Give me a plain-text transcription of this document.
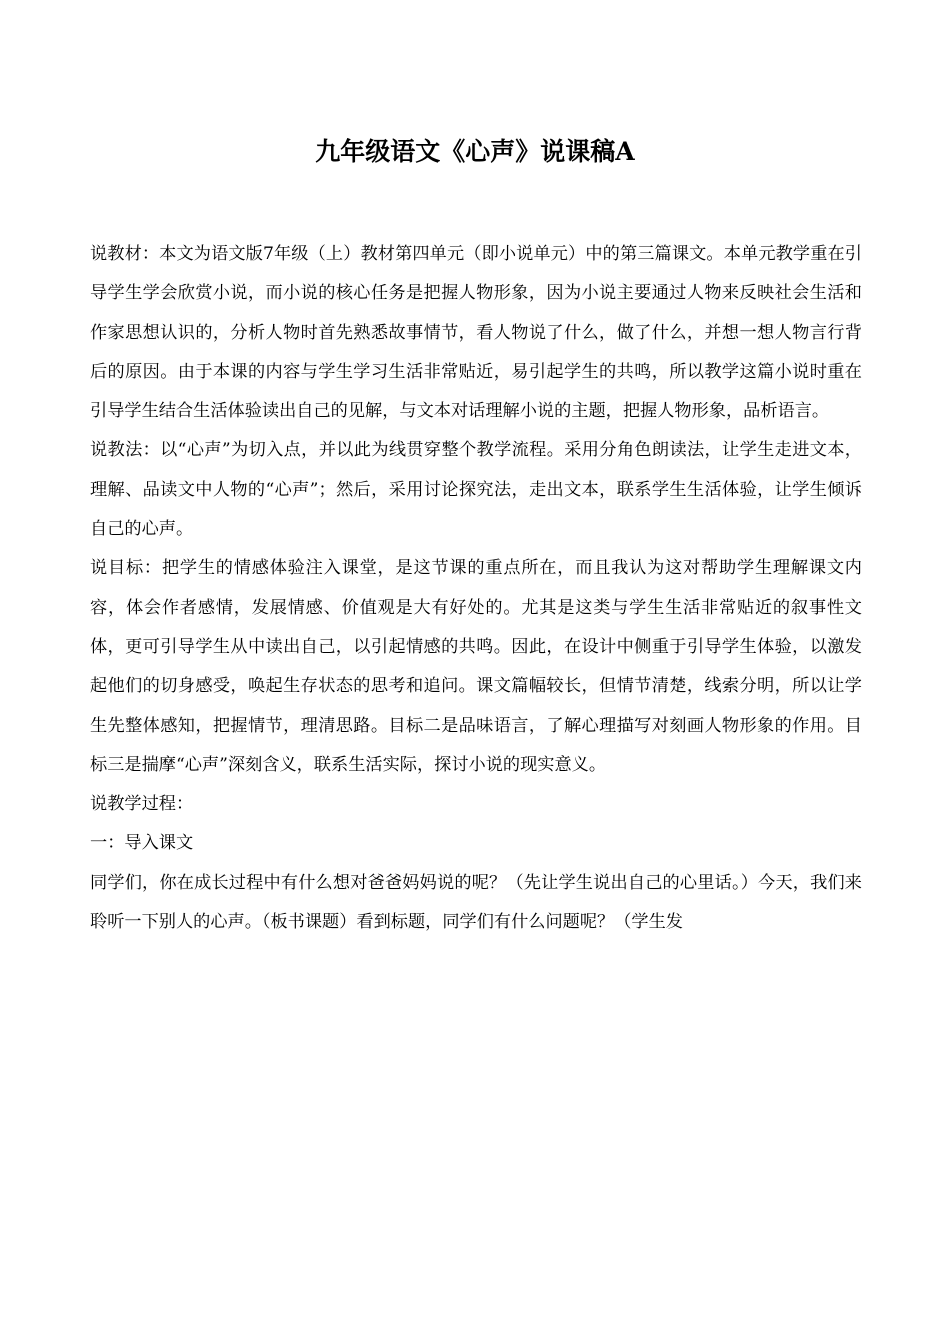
九年级语文《心声》说课稿A

说教材：本文为语文版7年级（上）教材第四单元（即小说单元）中的第三篇课文。本单元教学重在引导学生学会欣赏小说，而小说的核心任务是把握人物形象，因为小说主要通过人物来反映社会生活和作家思想认识的，分析人物时首先熟悉故事情节，看人物说了什么，做了什么，并想一想人物言行背后的原因。由于本课的内容与学生学习生活非常贴近，易引起学生的共鸣，所以教学这篇小说时重在引导学生结合生活体验读出自己的见解，与文本对话理解小说的主题，把握人物形象，品析语言。

说教法：以“心声”为切入点，并以此为线贯穿整个教学流程。采用分角色朗读法，让学生走进文本，理解、品读文中人物的“心声”；然后，采用讨论探究法，走出文本，联系学生生活体验，让学生倾诉自己的心声。

说目标：把学生的情感体验注入课堂，是这节课的重点所在，而且我认为这对帮助学生理解课文内容，体会作者感情，发展情感、价值观是大有好处的。尤其是这类与学生生活非常贴近的叙事性文体，更可引导学生从中读出自己，以引起情感的共鸣。因此，在设计中侧重于引导学生体验，以激发起他们的切身感受，唤起生存状态的思考和追问。课文篇幅较长，但情节清楚，线索分明，所以让学生先整体感知，把握情节，理清思路。目标二是品味语言，了解心理描写对刻画人物形象的作用。目标三是揣摩“心声”深刻含义，联系生活实际，探讨小说的现实意义。

说教学过程：

一：导入课文

同学们，你在成长过程中有什么想对爸爸妈妈说的呢？（先让学生说出自己的心里话。）今天，我们来聆听一下别人的心声。（板书课题）看到标题，同学们有什么问题呢？（学生发
